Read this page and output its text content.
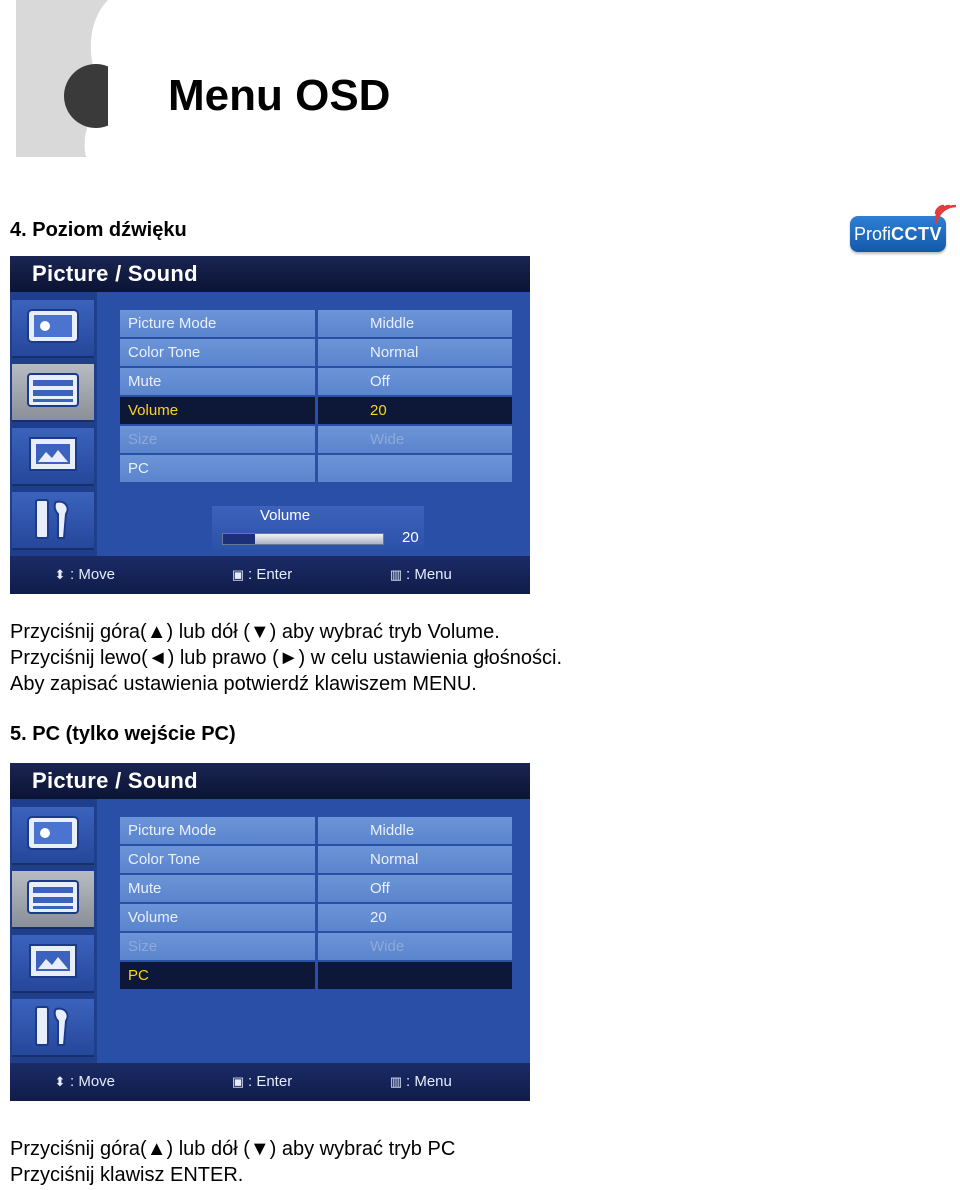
Menu OSD
ProfiCCTV
4. Poziom dźwięku
Picture / Sound
Picture Mode	Middle
Color Tone	Normal
Mute	Off
Volume	20
Size	Wide
PC
Volume
20
⬍ : Move	▣ : Enter	▥ : Menu
Przyciśnij góra(▲) lub dół (▼) aby wybrać tryb Volume.
Przyciśnij lewo(◄) lub prawo (►) w celu ustawienia głośności.
Aby zapisać ustawienia potwierdź klawiszem MENU.
5. PC (tylko wejście PC)
Picture / Sound
Picture Mode	Middle
Color Tone	Normal
Mute	Off
Volume	20
Size	Wide
PC
⬍ : Move	▣ : Enter	▥ : Menu
Przyciśnij góra(▲) lub dół (▼) aby wybrać tryb PC
Przyciśnij klawisz ENTER.
